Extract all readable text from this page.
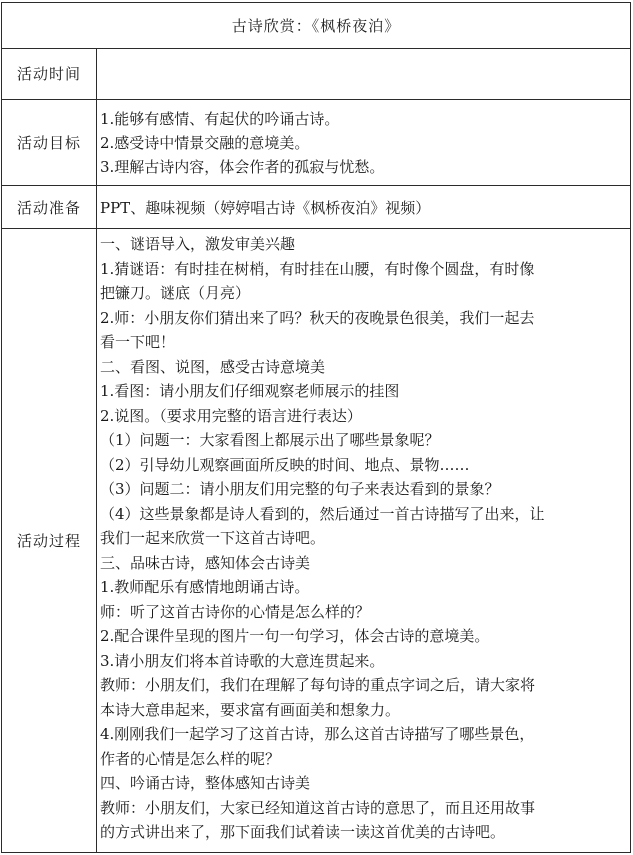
古诗欣赏：《枫桥夜泊》
活动时间
活动目标
1.能够有感情、有起伏的吟诵古诗。
2.感受诗中情景交融的意境美。
3.理解古诗内容，体会作者的孤寂与忧愁。
活动准备	PPT、趣味视频（婷婷唱古诗《枫桥夜泊》视频）
活动过程
一、谜语导入，激发审美兴趣
1.猜谜语：有时挂在树梢，有时挂在山腰，有时像个圆盘，有时像
把镰刀。谜底（月亮）
2.师：小朋友你们猜出来了吗？秋天的夜晚景色很美，我们一起去
看一下吧！
二、看图、说图，感受古诗意境美
1.看图：请小朋友们仔细观察老师展示的挂图
2.说图。（要求用完整的语言进行表达）
（1）问题一：大家看图上都展示出了哪些景象呢？
（2）引导幼儿观察画面所反映的时间、地点、景物……
（3）问题二：请小朋友们用完整的句子来表达看到的景象？
（4）这些景象都是诗人看到的，然后通过一首古诗描写了出来，让
我们一起来欣赏一下这首古诗吧。
三、品味古诗，感知体会古诗美
1.教师配乐有感情地朗诵古诗。
师：听了这首古诗你的心情是怎么样的？
2.配合课件呈现的图片一句一句学习，体会古诗的意境美。
3.请小朋友们将本首诗歌的大意连贯起来。
教师：小朋友们，我们在理解了每句诗的重点字词之后，请大家将
本诗大意串起来，要求富有画面美和想象力。
4.刚刚我们一起学习了这首古诗，那么这首古诗描写了哪些景色，
作者的心情是怎么样的呢？
四、吟诵古诗，整体感知古诗美
教师：小朋友们，大家已经知道这首古诗的意思了，而且还用故事
的方式讲出来了，那下面我们试着读一读这首优美的古诗吧。
